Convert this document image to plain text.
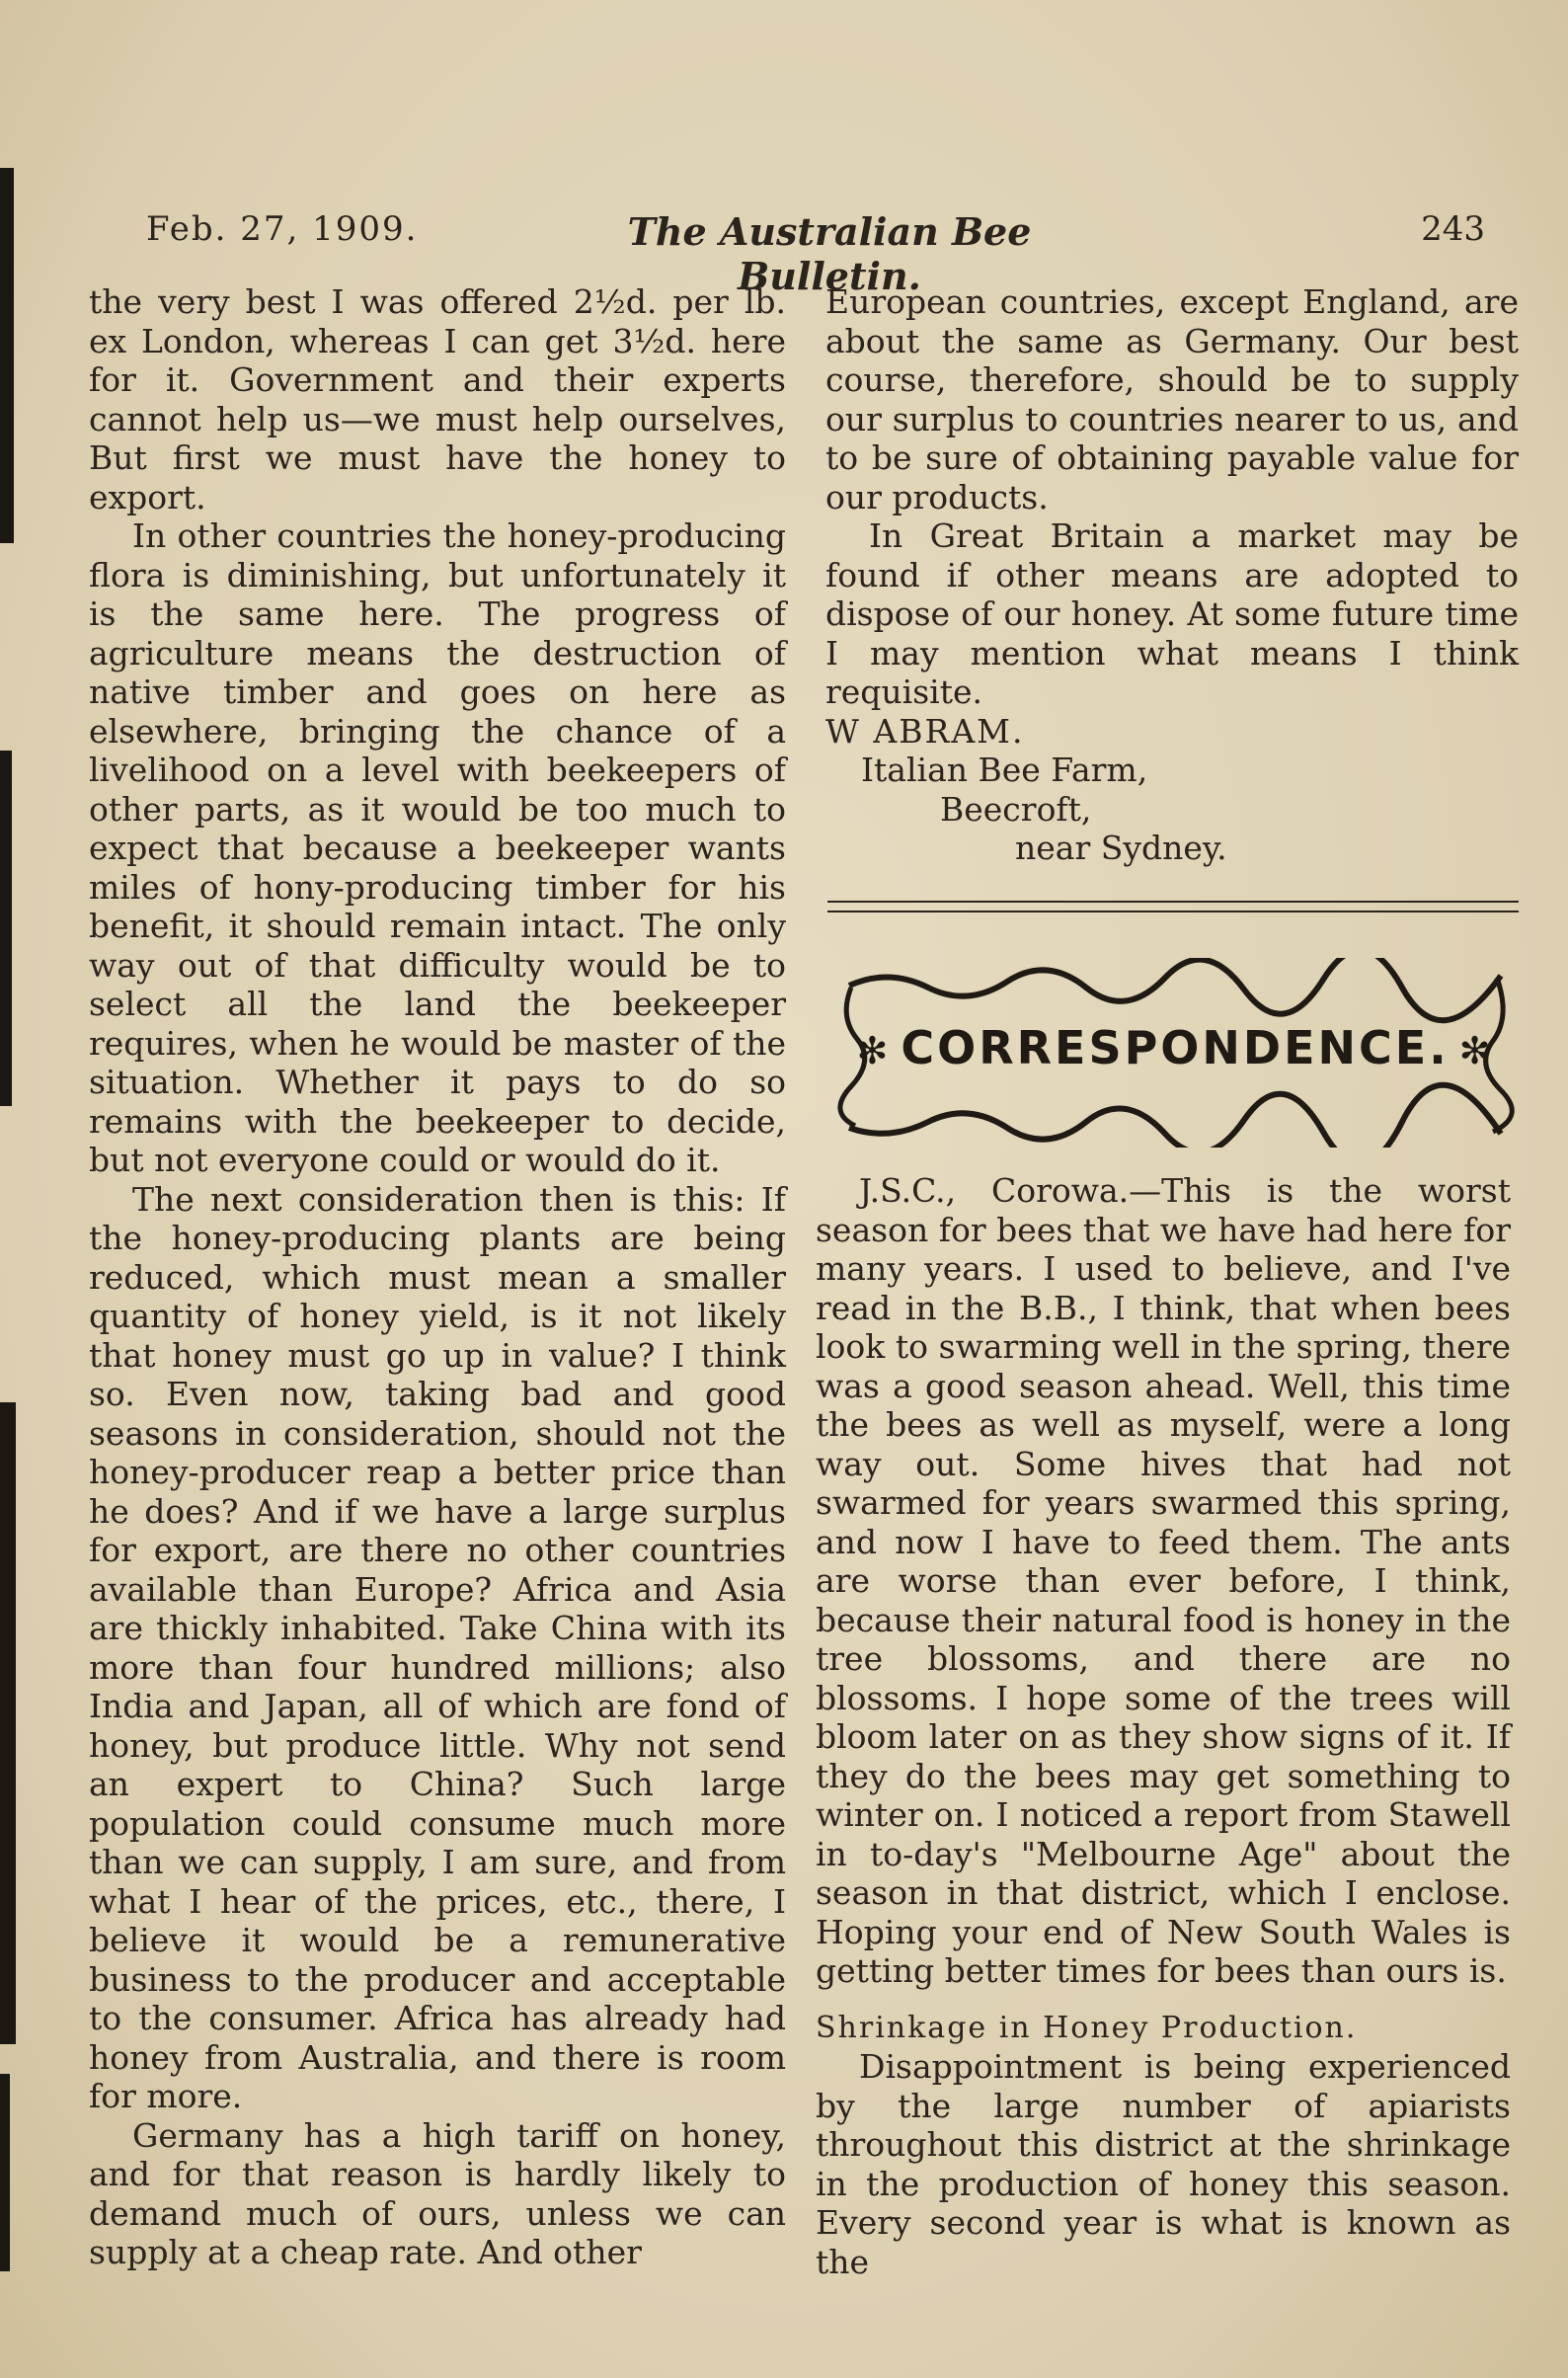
Feb. 27, 1909.	The Australian Bee Bulletin.
243

the very best I was offered 2½d. per lb. ex London, whereas I can get 3½d. here for it. Government and their experts cannot help us—we must help ourselves, But first we must have the honey to export.

In other countries the honey-producing flora is diminishing, but unfortunately it is the same here. The progress of agriculture means the destruction of native timber and goes on here as elsewhere, bringing the chance of a livelihood on a level with beekeepers of other parts, as it would be too much to expect that because a beekeeper wants miles of hony-producing timber for his benefit, it should remain intact. The only way out of that difficulty would be to select all the land the beekeeper requires, when he would be master of the situation. Whether it pays to do so remains with the beekeeper to decide, but not everyone could or would do it.

The next consideration then is this: If the honey-producing plants are being reduced, which must mean a smaller quantity of honey yield, is it not likely that honey must go up in value? I think so. Even now, taking bad and good seasons in consideration, should not the honey-producer reap a better price than he does? And if we have a large surplus for export, are there no other countries available than Europe? Africa and Asia are thickly inhabited. Take China with its more than four hundred millions; also India and Japan, all of which are fond of honey, but produce little. Why not send an expert to China? Such large population could consume much more than we can supply, I am sure, and from what I hear of the prices, etc., there, I believe it would be a remunerative business to the producer and acceptable to the consumer. Africa has already had honey from Australia, and there is room for more.

Germany has a high tariff on honey, and for that reason is hardly likely to demand much of ours, unless we can supply at a cheap rate. And other

European countries, except England, are about the same as Germany. Our best course, therefore, should be to supply our surplus to countries nearer to us, and to be sure of obtaining payable value for our products.

In Great Britain a market may be found if other means are adopted to dispose of our honey. At some future time I may mention what means I think requisite.

W ABRAM.

Italian Bee Farm,

Beecroft,

near Sydney.

✻ CORRESPONDENCE. ✻

J.S.C., Corowa.—This is the worst season for bees that we have had here for many years. I used to believe, and I've read in the B.B., I think, that when bees look to swarming well in the spring, there was a good season ahead. Well, this time the bees as well as myself, were a long way out. Some hives that had not swarmed for years swarmed this spring, and now I have to feed them. The ants are worse than ever before, I think, because their natural food is honey in the tree blossoms, and there are no blossoms. I hope some of the trees will bloom later on as they show signs of it. If they do the bees may get something to winter on. I noticed a report from Stawell in to-day's "Melbourne Age" about the season in that district, which I enclose. Hoping your end of New South Wales is getting better times for bees than ours is.

Shrinkage in Honey Production.

Disappointment is being experienced by the large number of apiarists throughout this district at the shrinkage in the production of honey this season. Every second year is what is known as the
